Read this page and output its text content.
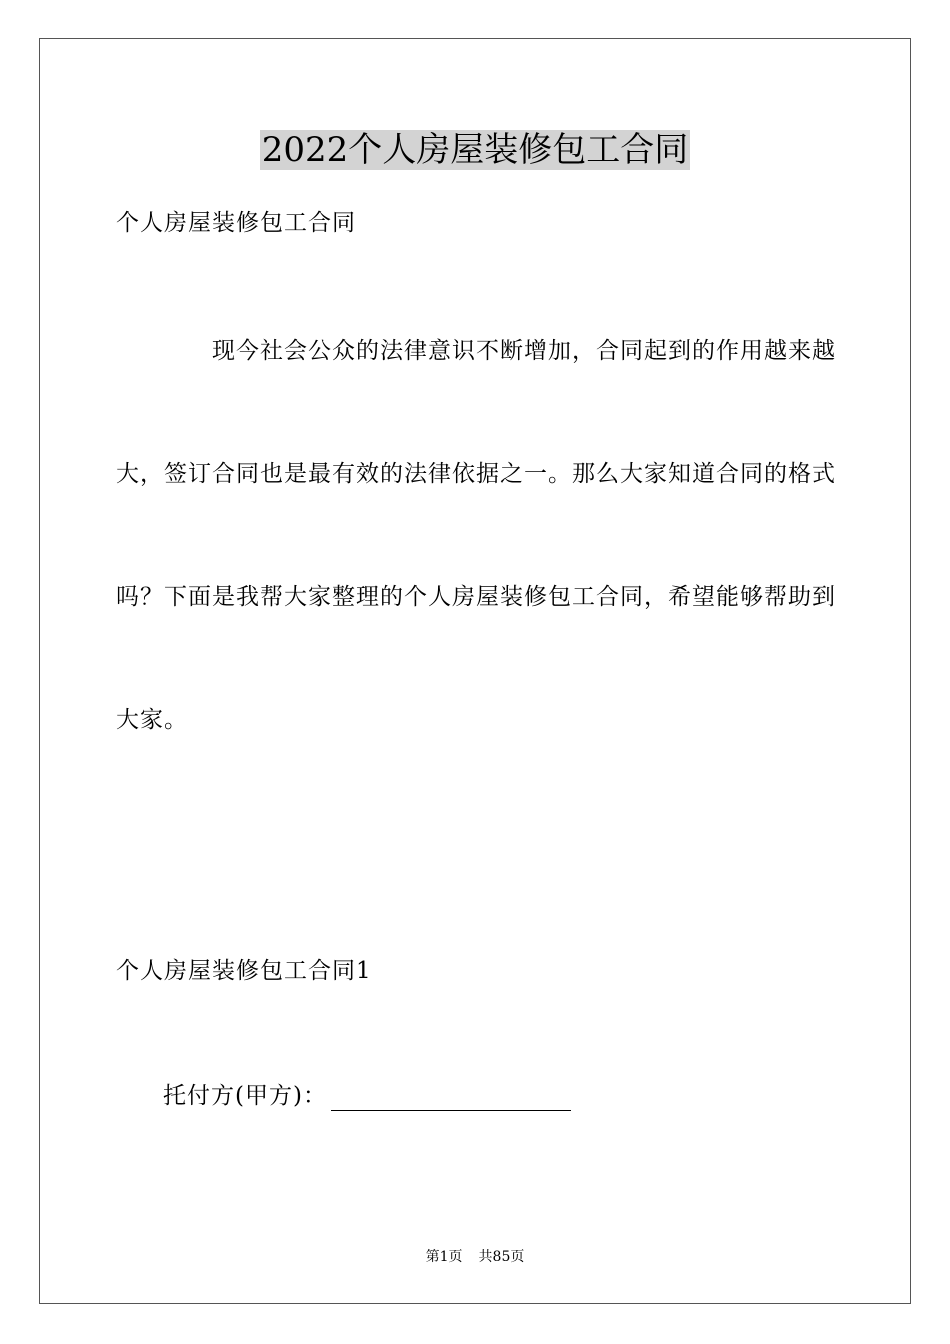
2022个人房屋装修包工合同
个人房屋装修包工合同
现今社会公众的法律意识不断增加，合同起到的作用越来越
大，签订合同也是最有效的法律依据之一。那么大家知道合同的格式
吗？下面是我帮大家整理的个人房屋装修包工合同，希望能够帮助到
大家。
个人房屋装修包工合同1
托付方(甲方)：
第1页 共85页
